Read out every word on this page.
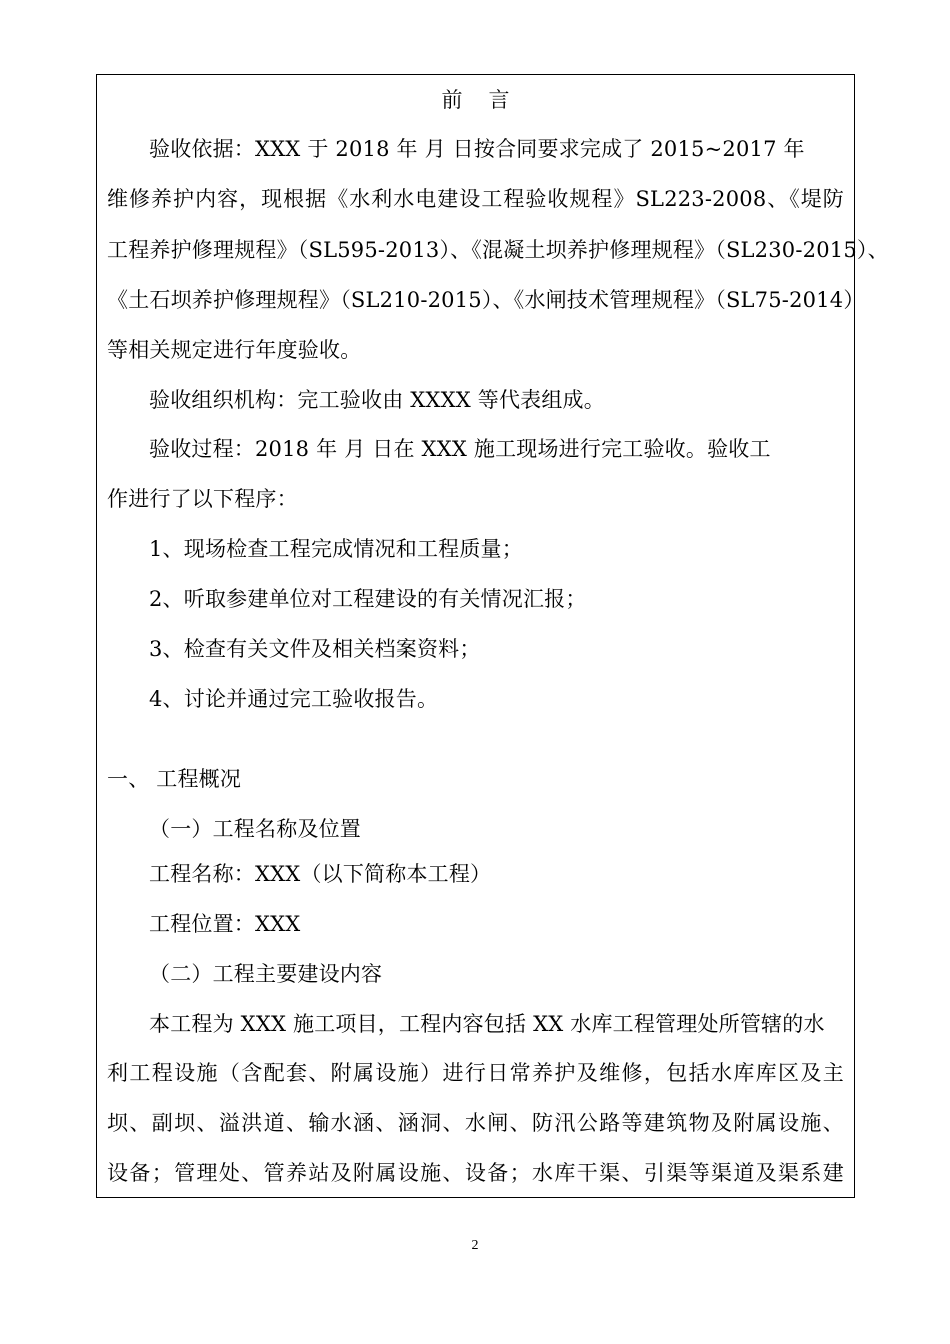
前言
验收依据：XXX 于 2018 年 月 日按合同要求完成了 2015~2017 年
维修养护内容，现根据《水利水电建设工程验收规程》SL223-2008、《堤防
工程养护修理规程》（SL595-2013）、《混凝土坝养护修理规程》（SL230-2015）、
《土石坝养护修理规程》（SL210-2015）、《水闸技术管理规程》（SL75-2014）
等相关规定进行年度验收。
验收组织机构：完工验收由 XXXX 等代表组成。
验收过程：2018 年 月 日在 XXX 施工现场进行完工验收。验收工
作进行了以下程序：
1、现场检查工程完成情况和工程质量；
2、听取参建单位对工程建设的有关情况汇报；
3、检查有关文件及相关档案资料；
4、讨论并通过完工验收报告。
一、 工程概况
（一）工程名称及位置
工程名称：XXX（以下简称本工程）
工程位置：XXX
（二）工程主要建设内容
本工程为 XXX 施工项目，工程内容包括 XX 水库工程管理处所管辖的水
利工程设施（含配套、附属设施）进行日常养护及维修，包括水库库区及主
坝、副坝、溢洪道、输水涵、涵洞、水闸、防汛公路等建筑物及附属设施、
设备；管理处、管养站及附属设施、设备；水库干渠、引渠等渠道及渠系建
2
